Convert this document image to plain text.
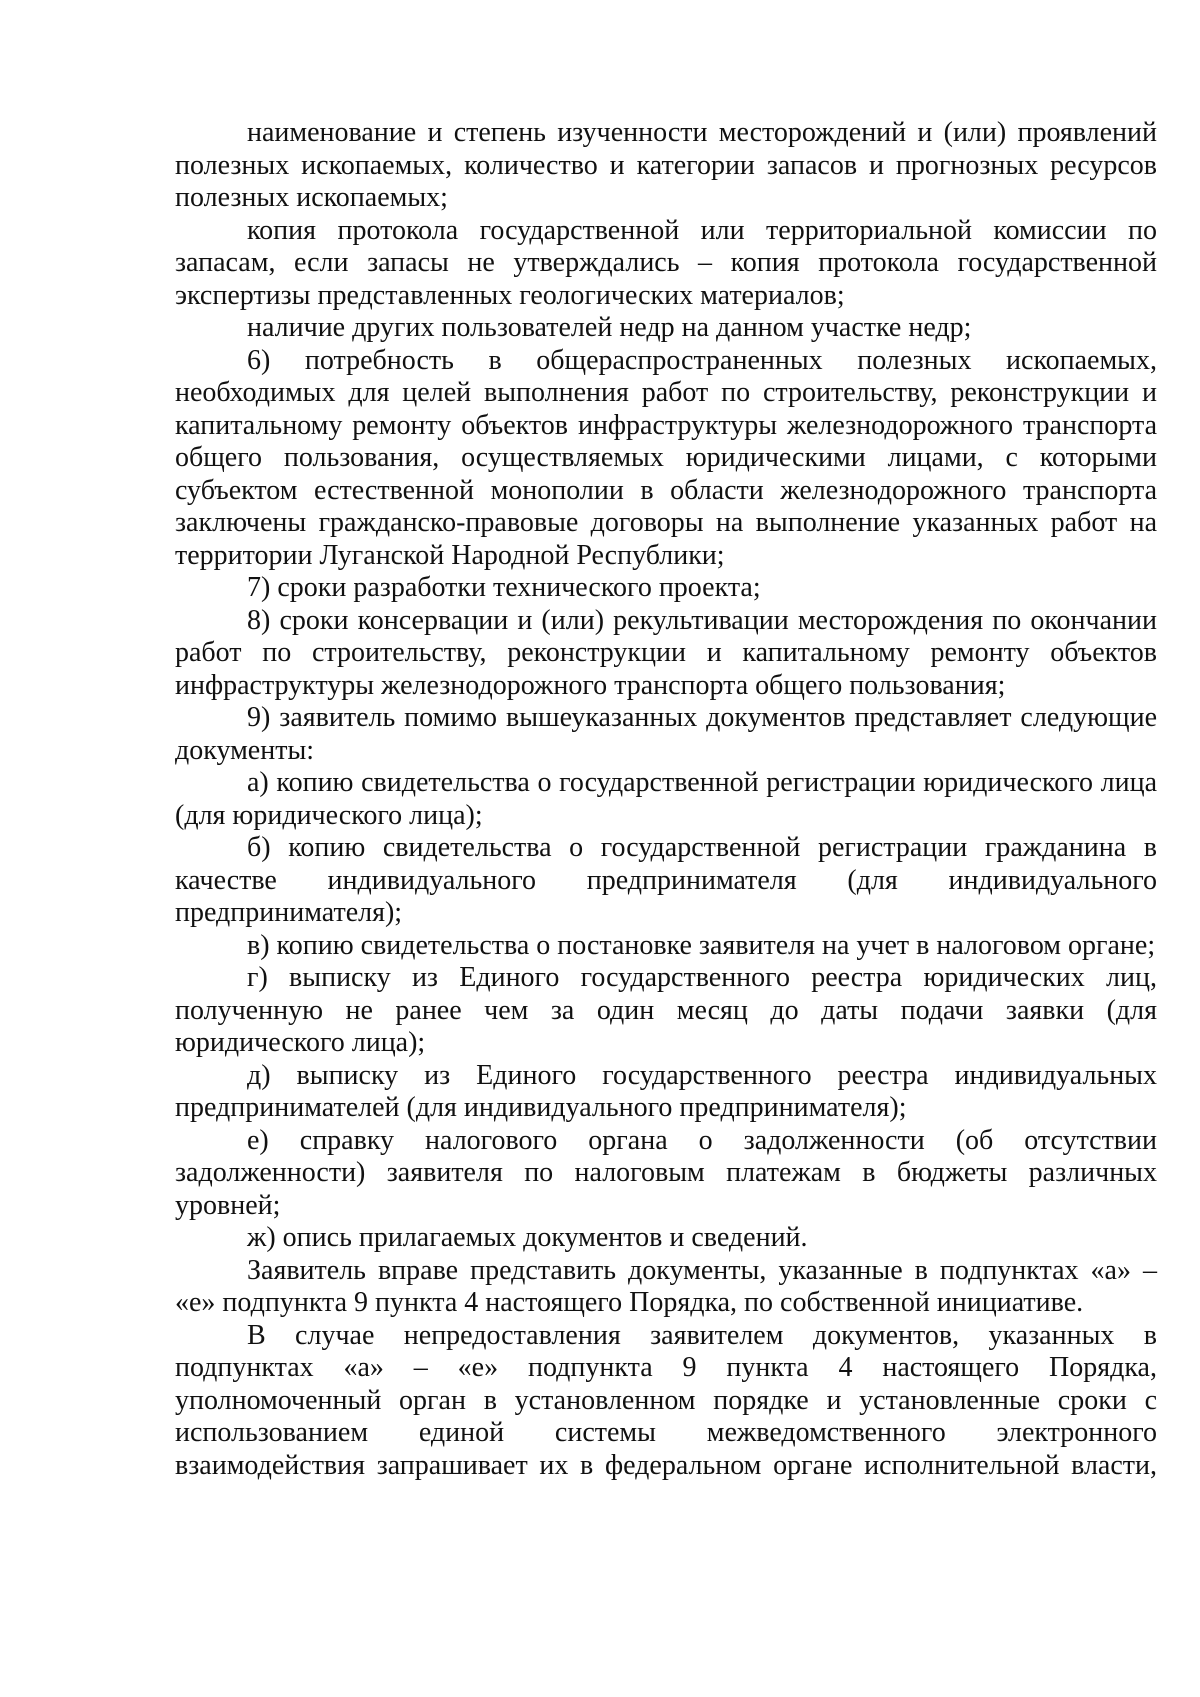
наименование и степень изученности месторождений и (или) проявлений полезных ископаемых, количество и категории запасов и прогнозных ресурсов полезных ископаемых;

копия протокола государственной или территориальной комиссии по запасам, если запасы не утверждались – копия протокола государственной экспертизы представленных геологических материалов;

наличие других пользователей недр на данном участке недр;

6) потребность в общераспространенных полезных ископаемых, необходимых для целей выполнения работ по строительству, реконструкции и капитальному ремонту объектов инфраструктуры железнодорожного транспорта общего пользования, осуществляемых юридическими лицами, с которыми субъектом естественной монополии в области железнодорожного транспорта заключены гражданско-правовые договоры на выполнение указанных работ на территории Луганской Народной Республики;

7) сроки разработки технического проекта;

8) сроки консервации и (или) рекультивации месторождения по окончании работ по строительству, реконструкции и капитальному ремонту объектов инфраструктуры железнодорожного транспорта общего пользования;

9) заявитель помимо вышеуказанных документов представляет следующие документы:

а) копию свидетельства о государственной регистрации юридического лица (для юридического лица);

б) копию свидетельства о государственной регистрации гражданина в качестве индивидуального предпринимателя (для индивидуального предпринимателя);

в) копию свидетельства о постановке заявителя на учет в налоговом органе;

г) выписку из Единого государственного реестра юридических лиц, полученную не ранее чем за один месяц до даты подачи заявки (для юридического лица);

д) выписку из Единого государственного реестра индивидуальных предпринимателей (для индивидуального предпринимателя);

е) справку налогового органа о задолженности (об отсутствии задолженности) заявителя по налоговым платежам в бюджеты различных уровней;

ж) опись прилагаемых документов и сведений.

Заявитель вправе представить документы, указанные в подпунктах «а» – «е» подпункта 9 пункта 4 настоящего Порядка, по собственной инициативе.

В случае непредоставления заявителем документов, указанных в подпунктах «а» – «е» подпункта 9 пункта 4 настоящего Порядка, уполномоченный орган в установленном порядке и установленные сроки с использованием единой системы межведомственного электронного взаимодействия запрашивает их в федеральном органе исполнительной власти,
